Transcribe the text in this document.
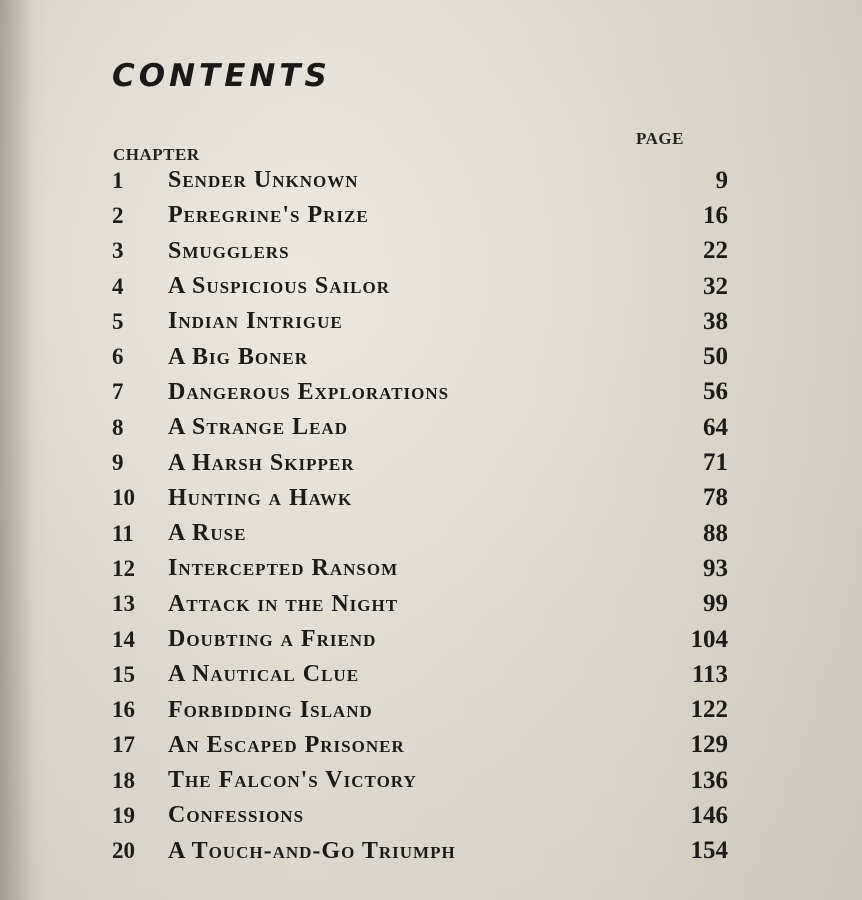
CONTENTS
CHAPTER
PAGE
1	Sender Unknown	9
2	Peregrine's Prize	16
3	Smugglers	22
4	A Suspicious Sailor	32
5	Indian Intrigue	38
6	A Big Boner	50
7	Dangerous Explorations	56
8	A Strange Lead	64
9	A Harsh Skipper	71
10	Hunting a Hawk	78
11	A Ruse	88
12	Intercepted Ransom	93
13	Attack in the Night	99
14	Doubting a Friend	104
15	A Nautical Clue	113
16	Forbidding Island	122
17	An Escaped Prisoner	129
18	The Falcon's Victory	136
19	Confessions	146
20	A Touch-and-Go Triumph	154
